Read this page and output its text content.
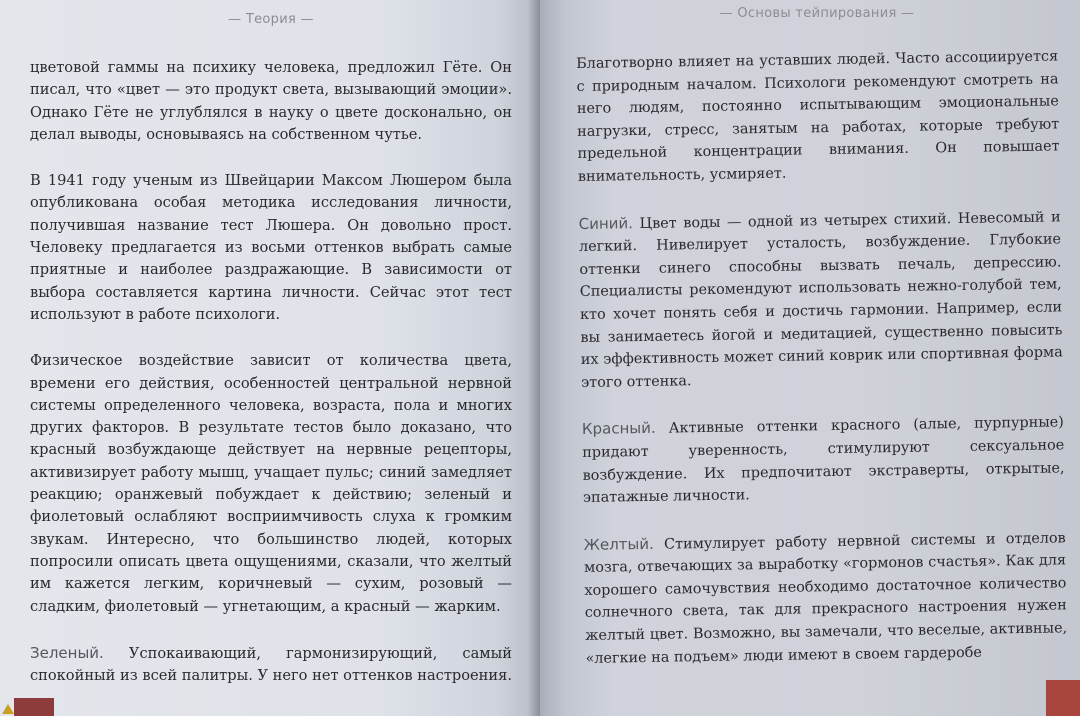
— Теория —

цветовой гаммы на психику человека, предложил Гёте. Он писал, что «цвет — это продукт света, вызывающий эмоции». Однако Гёте не углублялся в науку о цвете досконально, он делал выводы, основываясь на собственном чутье.

В 1941 году ученым из Швейцарии Максом Люшером была опубликована особая методика исследования личности, получившая название тест Люшера. Он довольно прост. Человеку предлагается из восьми оттенков выбрать самые приятные и наиболее раздражающие. В зависимости от выбора составляется картина личности. Сейчас этот тест используют в работе психологи.

Физическое воздействие зависит от количества цвета, времени его действия, особенностей центральной нервной системы определенного человека, возраста, пола и многих других факторов. В результате тестов было доказано, что красный возбуждающе действует на нервные рецепторы, активизирует работу мышц, учащает пульс; синий замедляет реакцию; оранжевый побуждает к действию; зеленый и фиолетовый ослабляют восприимчивость слуха к громким звукам. Интересно, что большинство людей, которых попросили описать цвета ощущениями, сказали, что желтый им кажется легким, коричневый — сухим, розовый — сладким, фиолетовый — угнетающим, а красный — жарким.

Зеленый. Успокаивающий, гармонизирующий, самый спокойный из всей палитры. У него нет оттенков настроения.

— Основы тейпирования —

Благотворно влияет на уставших людей. Часто ассоциируется с природным началом. Психологи рекомендуют смотреть на него людям, постоянно испытывающим эмоциональные нагрузки, стресс, занятым на работах, которые требуют предельной концентрации внимания. Он повышает внимательность, усмиряет.

Синий. Цвет воды — одной из четырех стихий. Невесомый и легкий. Нивелирует усталость, возбуждение. Глубокие оттенки синего способны вызвать печаль, депрессию. Специалисты рекомендуют использовать нежно-голубой тем, кто хочет понять себя и достичь гармонии. Например, если вы занимаетесь йогой и медитацией, существенно повысить их эффективность может синий коврик или спортивная форма этого оттенка.

Красный. Активные оттенки красного (алые, пурпурные) придают уверенность, стимулируют сексуальное возбуждение. Их предпочитают экстраверты, открытые, эпатажные личности.

Желтый. Стимулирует работу нервной системы и отделов мозга, отвечающих за выработку «гормонов счастья». Как для хорошего самочувствия необходимо достаточное количество солнечного света, так для прекрасного настроения нужен желтый цвет. Возможно, вы замечали, что веселые, активные, «легкие на подъем» люди имеют в своем гардеробе
